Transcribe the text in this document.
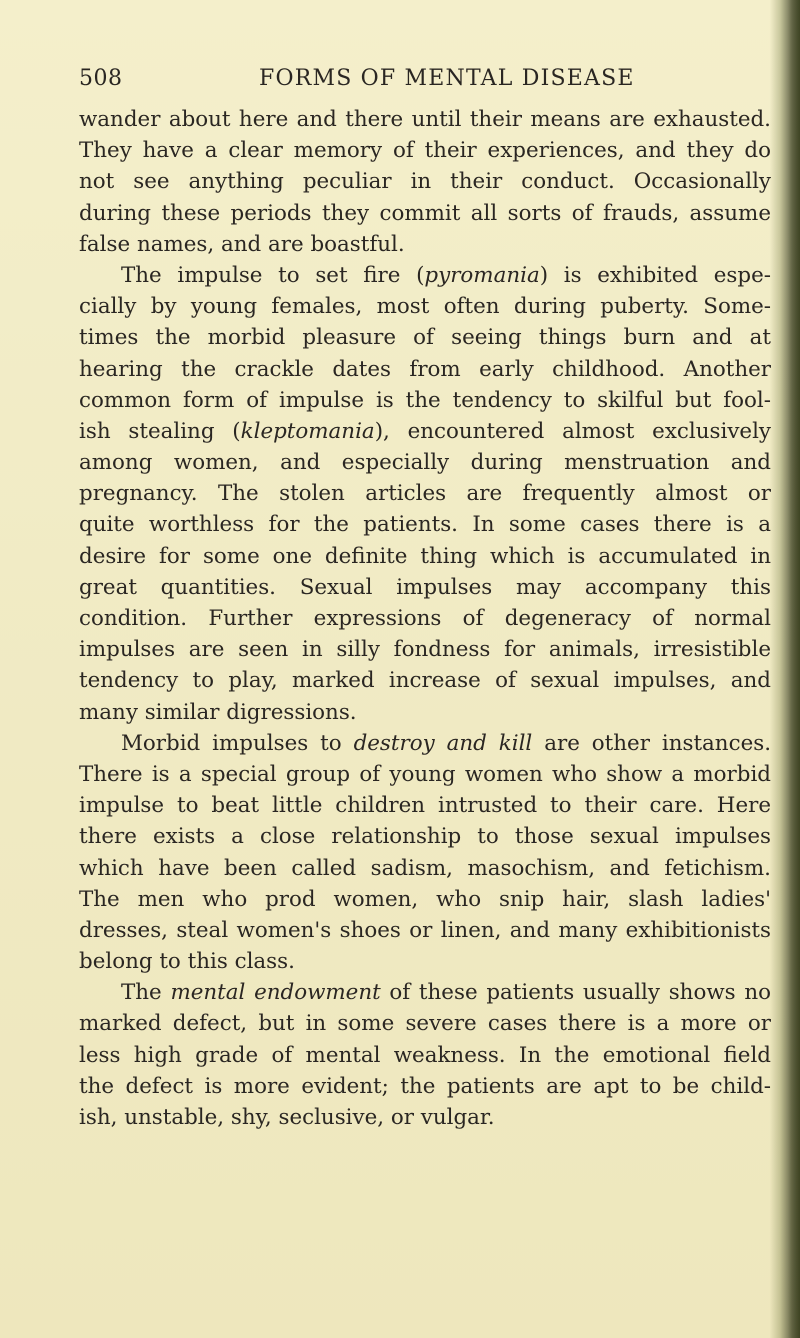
508	FORMS OF MENTAL DISEASE
wander about here and there until their means are exhausted.
They have a clear memory of their experiences, and they do
not see anything peculiar in their conduct. Occasionally
during these periods they commit all sorts of frauds, assume
false names, and are boastful.
The impulse to set fire (pyromania) is exhibited espe-
cially by young females, most often during puberty. Some-
times the morbid pleasure of seeing things burn and at
hearing the crackle dates from early childhood. Another
common form of impulse is the tendency to skilful but fool-
ish stealing (kleptomania), encountered almost exclusively
among women, and especially during menstruation and
pregnancy. The stolen articles are frequently almost or
quite worthless for the patients. In some cases there is a
desire for some one definite thing which is accumulated in
great quantities. Sexual impulses may accompany this
condition. Further expressions of degeneracy of normal
impulses are seen in silly fondness for animals, irresistible
tendency to play, marked increase of sexual impulses, and
many similar digressions.
Morbid impulses to destroy and kill are other instances.
There is a special group of young women who show a morbid
impulse to beat little children intrusted to their care. Here
there exists a close relationship to those sexual impulses
which have been called sadism, masochism, and fetichism.
The men who prod women, who snip hair, slash ladies'
dresses, steal women's shoes or linen, and many exhibitionists
belong to this class.
The mental endowment of these patients usually shows no
marked defect, but in some severe cases there is a more or
less high grade of mental weakness. In the emotional field
the defect is more evident; the patients are apt to be child-
ish, unstable, shy, seclusive, or vulgar.
